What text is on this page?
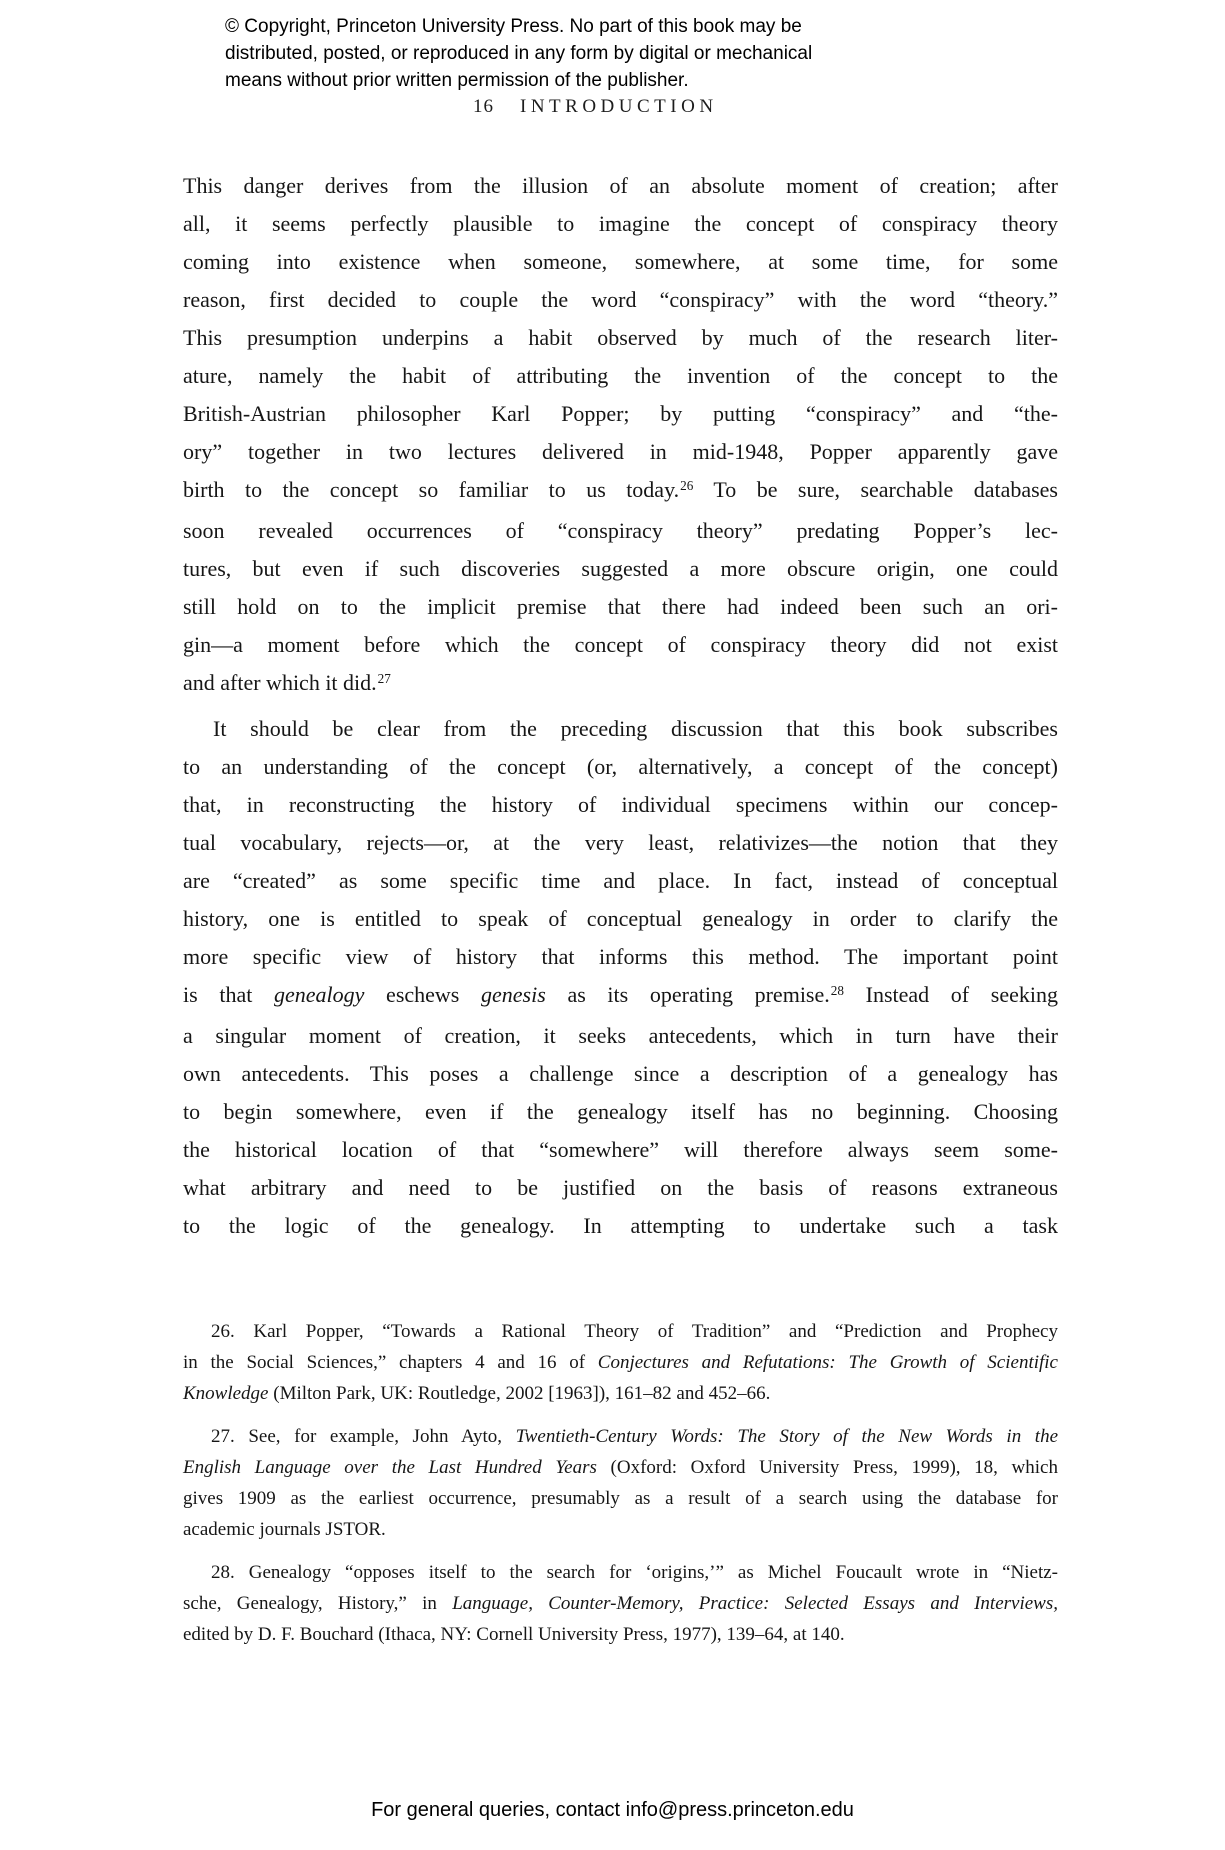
© Copyright, Princeton University Press. No part of this book may be
distributed, posted, or reproduced in any form by digital or mechanical
means without prior written permission of the publisher.
16 INTRODUCTION
This danger derives from the illusion of an absolute moment of creation; after
all, it seems perfectly plausible to imagine the concept of conspiracy theory
coming into existence when someone, somewhere, at some time, for some
reason, first decided to couple the word “conspiracy” with the word “theory.”
This presumption underpins a habit observed by much of the research liter-
ature, namely the habit of attributing the invention of the concept to the
British-Austrian philosopher Karl Popper; by putting “conspiracy” and “the-
ory” together in two lectures delivered in mid-1948, Popper apparently gave
birth to the concept so familiar to us today.$^{26}$ To be sure, searchable databases
soon revealed occurrences of “conspiracy theory” predating Popper’s lec-
tures, but even if such discoveries suggested a more obscure origin, one could
still hold on to the implicit premise that there had indeed been such an ori-
gin—a moment before which the concept of conspiracy theory did not exist
and after which it did.$^{27}$
It should be clear from the preceding discussion that this book subscribes
to an understanding of the concept (or, alternatively, a concept of the concept)
that, in reconstructing the history of individual specimens within our concep-
tual vocabulary, rejects—or, at the very least, relativizes—the notion that they
are “created” as some specific time and place. In fact, instead of conceptual
history, one is entitled to speak of conceptual genealogy in order to clarify the
more specific view of history that informs this method. The important point
is that genealogy eschews genesis as its operating premise.$^{28}$ Instead of seeking
a singular moment of creation, it seeks antecedents, which in turn have their
own antecedents. This poses a challenge since a description of a genealogy has
to begin somewhere, even if the genealogy itself has no beginning. Choosing
the historical location of that “somewhere” will therefore always seem some-
what arbitrary and need to be justified on the basis of reasons extraneous
to the logic of the genealogy. In attempting to undertake such a task
26. Karl Popper, “Towards a Rational Theory of Tradition” and “Prediction and Prophecy
in the Social Sciences,” chapters 4 and 16 of Conjectures and Refutations: The Growth of Scientific
Knowledge (Milton Park, UK: Routledge, 2002 [1963]), 161–82 and 452–66.
27. See, for example, John Ayto, Twentieth-Century Words: The Story of the New Words in the
English Language over the Last Hundred Years (Oxford: Oxford University Press, 1999), 18, which
gives 1909 as the earliest occurrence, presumably as a result of a search using the database for
academic journals JSTOR.
28. Genealogy “opposes itself to the search for ‘origins,’” as Michel Foucault wrote in “Nietz-
sche, Genealogy, History,” in Language, Counter-Memory, Practice: Selected Essays and Interviews,
edited by D. F. Bouchard (Ithaca, NY: Cornell University Press, 1977), 139–64, at 140.
For general queries, contact info@press.princeton.edu
